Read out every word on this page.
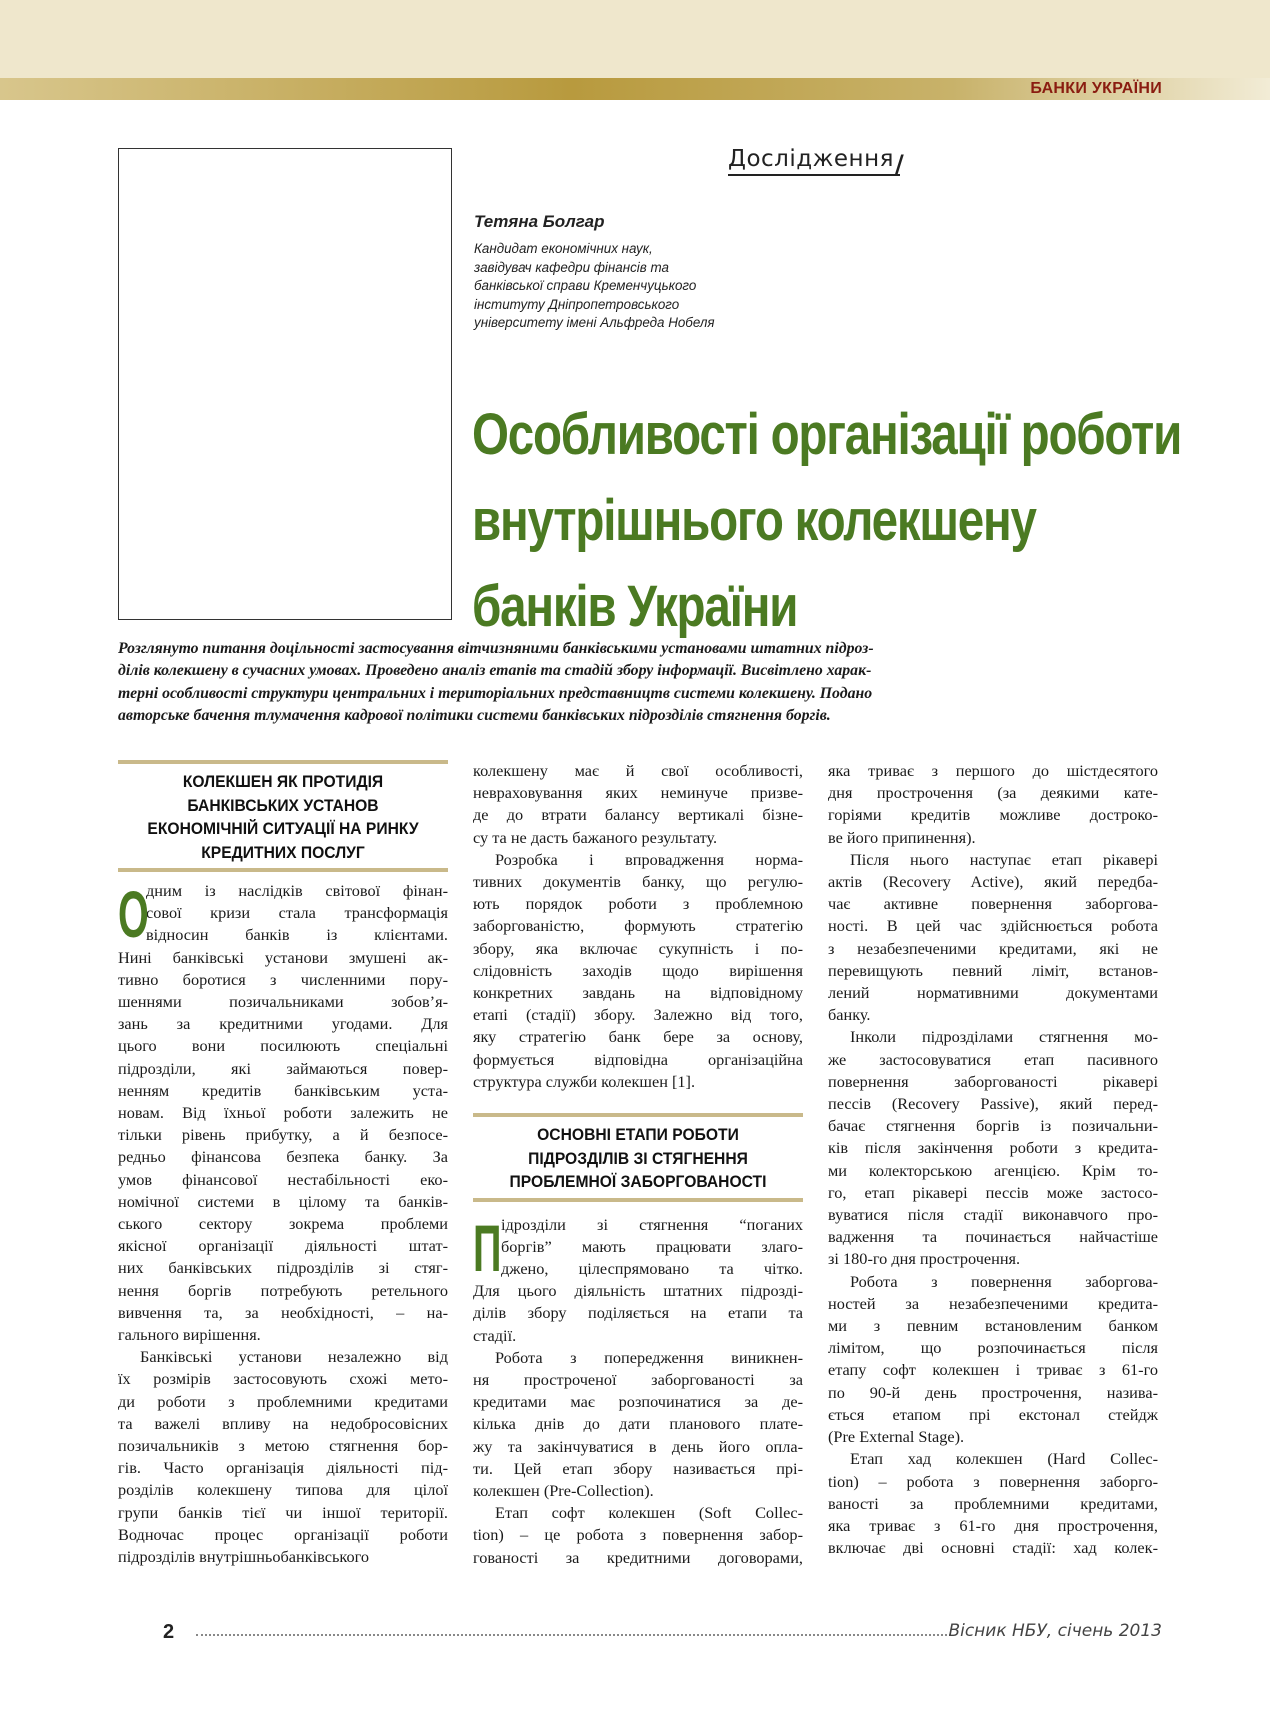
БАНКИ УКРАЇНИ
Дослідження /
Тетяна Болгар
Кандидат економічних наук,
завідувач кафедри фінансів та
банківської справи Кременчуцького
інституту Дніпропетровського
університету імені Альфреда Нобеля
Особливості організації роботи
внутрішнього колекшену
банків України
Розглянуто питання доцільності застосування вітчизняними банківськими установами штатних підроз-
ділів колекшену в сучасних умовах. Проведено аналіз етапів та стадій збору інформації. Висвітлено харак-
терні особливості структури центральних і територіальних представництв системи колекшену. Подано
авторське бачення тлумачення кадрової політики системи банківських підрозділів стягнення боргів.
КОЛЕКШЕН ЯК ПРОТИДІЯ
БАНКІВСЬКИХ УСТАНОВ
ЕКОНОМІЧНІЙ СИТУАЦІЇ НА РИНКУ
КРЕДИТНИХ ПОСЛУГ
О
дним із наслідків світової фінан-
сової кризи стала трансформація
відносин банків із клієнтами.
Нині банківські установи змушені ак-
тивно боротися з численними пору-
шеннями позичальниками зобов’я-
зань за кредитними угодами. Для
цього вони посилюють спеціальні
підрозділи, які займаються повер-
ненням кредитів банківським уста-
новам. Від їхньої роботи залежить не
тільки рівень прибутку, а й безпосе-
редньо фінансова безпека банку. За
умов фінансової нестабільності еко-
номічної системи в цілому та банків-
ського сектору зокрема проблеми
якісної організації діяльності штат-
них банківських підрозділів зі стяг-
нення боргів потребують ретельного
вивчення та, за необхідності, – на-
гального вирішення.
Банківські установи незалежно від
їх розмірів застосовують схожі мето-
ди роботи з проблемними кредитами
та важелі впливу на недобросовісних
позичальників з метою стягнення бор-
гів. Часто організація діяльності під-
розділів колекшену типова для цілої
групи банків тієї чи іншої території.
Водночас процес організації роботи
підрозділів внутрішньобанківського
колекшену має й свої особливості,
невраховування яких неминуче призве-
де до втрати балансу вертикалі бізне-
су та не дасть бажаного результату.
Розробка і впровадження норма-
тивних документів банку, що регулю-
ють порядок роботи з проблемною
заборгованістю, формують стратегію
збору, яка включає сукупність і по-
слідовність заходів щодо вирішення
конкретних завдань на відповідному
етапі (стадії) збору. Залежно від того,
яку стратегію банк бере за основу,
формується відповідна організаційна
структура служби колекшен [1].
ОСНОВНІ ЕТАПИ РОБОТИ
ПІДРОЗДІЛІВ ЗІ СТЯГНЕННЯ
ПРОБЛЕМНОЇ ЗАБОРГОВАНОСТІ
П ідрозділи зі стягнення “поганих
боргів” мають працювати злаго-
джено, цілеспрямовано та чітко.
Для цього діяльність штатних підрозді-
ділів збору поділяється на етапи та
стадії.
Робота з попередження виникнен-
ня простроченої заборгованості за
кредитами має розпочинатися за де-
кілька днів до дати планового плате-
жу та закінчуватися в день його опла-
ти. Цей етап збору називається прі-
колекшен (Pre-Collection).
Етап софт колекшен (Soft Collec-
tion) – це робота з повернення забор-
гованості за кредитними договорами,
яка триває з першого до шістдесятого
дня прострочення (за деякими кате-
горіями кредитів можливе достроко-
ве його припинення).
Після нього наступає етап рікавері
актів (Recovery Active), який передба-
чає активне повернення заборгова-
ності. В цей час здійснюється робота
з незабезпеченими кредитами, які не
перевищують певний ліміт, встанов-
лений нормативними документами
банку.
Інколи підрозділами стягнення мо-
же застосовуватися етап пасивного
повернення заборгованості рікавері
пессів (Recovery Passive), який перед-
бачає стягнення боргів із позичальни-
ків після закінчення роботи з кредита-
ми колекторською агенцією. Крім то-
го, етап рікавері пессів може застосо-
вуватися після стадії виконавчого про-
вадження та починається найчастіше
зі 180-го дня прострочення.
Робота з повернення заборгова-
ностей за незабезпеченими кредита-
ми з певним встановленим банком
лімітом, що розпочинається після
етапу софт колекшен і триває з 61-го
по 90-й день прострочення, назива-
ється етапом прі екстонал стейдж
(Pre External Stage).
Етап хад колекшен (Hard Collec-
tion) – робота з повернення заборго-
ваності за проблемними кредитами,
яка триває з 61-го дня прострочення,
включає дві основні стадії: хад колек-
2	Вісник НБУ, січень 2013
